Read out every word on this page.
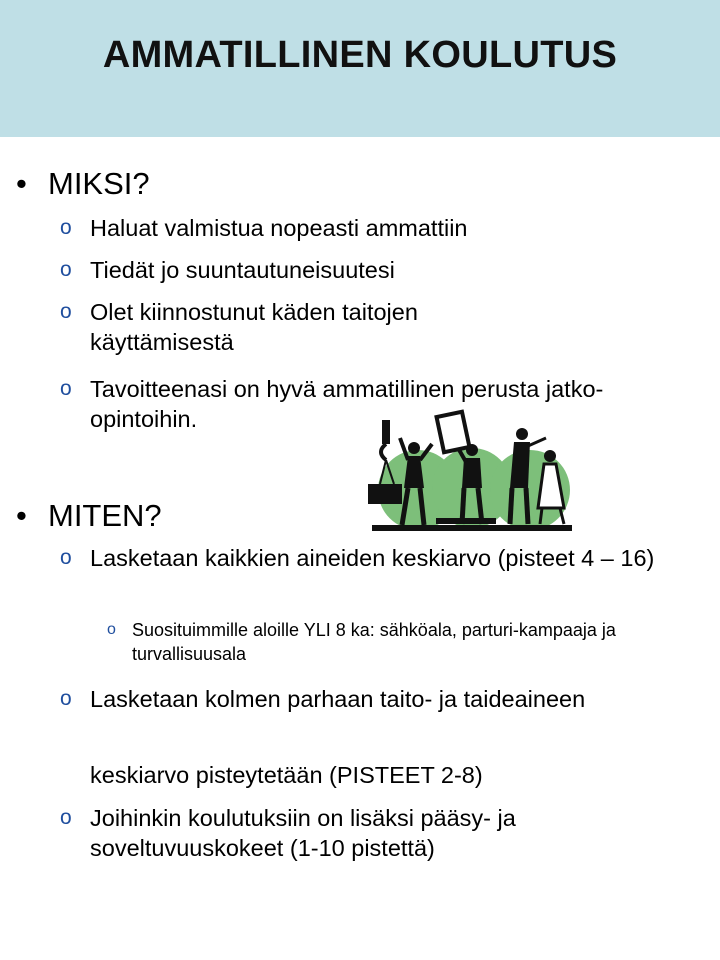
AMMATILLINEN KOULUTUS
• MIKSI?
o Haluat valmistua nopeasti ammattiin
o Tiedät jo suuntautuneisuutesi
o Olet kiinnostunut käden taitojen käyttämisestä
o Tavoitteenasi on hyvä ammatillinen perusta jatko-opintoihin.
• MITEN?
o Lasketaan kaikkien aineiden keskiarvo (pisteet 4 – 16)
o Suosituimmille aloille YLI 8 ka: sähköala, parturi-kampaaja ja turvallisuusala
o Lasketaan kolmen parhaan taito- ja taideaineen
keskiarvo pisteytetään (PISTEET 2-8)
o Joihinkin koulutuksiin on lisäksi pääsy- ja soveltuvuuskokeet (1-10 pistettä)
